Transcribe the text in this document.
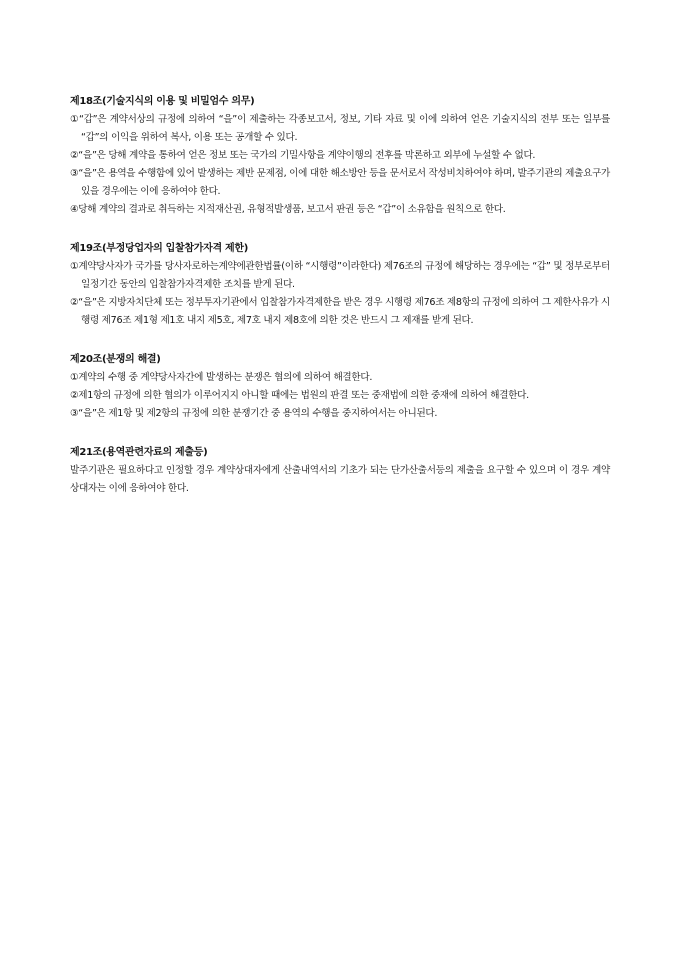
제18조(기술지식의 이용 및 비밀엄수 의무)
①“갑”은 계약서상의 규정에 의하여 “을”이 제출하는 각종보고서, 정보, 기타 자료 및 이에 의하여 얻은 기술지식의 전부 또는 일부를 “갑”의 이익을 위하여 복사, 이용 또는 공개할 수 있다.
②“을”은 당해 계약을 통하여 얻은 정보 또는 국가의 기밀사항을 계약이행의 전후를 막론하고 외부에 누설할 수 없다.
③“을”은 용역을 수행함에 있어 발생하는 제반 문제점, 이에 대한 해소방안 등을 문서로서 작성비치하여야 하며, 발주기관의 제출요구가 있을 경우에는 이에 응하여야 한다.
④당해 계약의 결과로 취득하는 지적재산권, 유형적발생품, 보고서 판권 등은 “갑”이 소유함을 원칙으로 한다.
제19조(부정당업자의 입찰참가자격 제한)
①계약당사자가 국가를 당사자로하는계약에관한법률(이하 “시행령”이라한다) 제76조의 규정에 해당하는 경우에는 “갑” 및 정부로부터 일정기간 동안의 입찰참가자격제한 조치를 받게 된다.
②“을”은 지방자치단체 또는 정부투자기관에서 입찰참가자격제한을 받은 경우 시행령 제76조 제8항의 규정에 의하여 그 제한사유가 시행령 제76조 제1형 제1호 내지 제5호, 제7호 내지 제8호에 의한 것은 반드시 그 제재를 받게 된다.
제20조(분쟁의 해결)
①계약의 수행 중 계약당사자간에 발생하는 분쟁은 협의에 의하여 해결한다.
②제1항의 규정에 의한 협의가 이루어지지 아니할 때에는 법원의 판결 또는 중재법에 의한 중재에 의하여 해결한다.
③“을”은 제1항 및 제2항의 규정에 의한 분쟁기간 중 용역의 수행을 중지하여서는 아니된다.
제21조(용역관련자료의 제출등)
발주기관은 필요하다고 인정할 경우 계약상대자에게 산출내역서의 기초가 되는 단가산출서등의 제출을 요구할 수 있으며 이 경우 계약상대자는 이에 응하여야 한다.
